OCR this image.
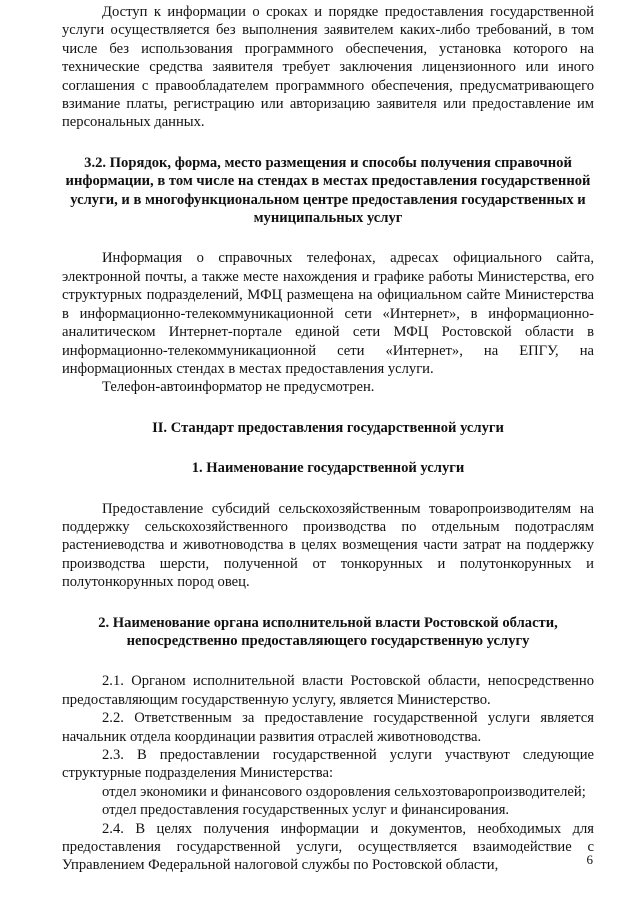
Доступ к информации о сроках и порядке предоставления государственной услуги осуществляется без выполнения заявителем каких-либо требований, в том числе без использования программного обеспечения, установка которого на технические средства заявителя требует заключения лицензионного или иного соглашения с правообладателем программного обеспечения, предусматривающего взимание платы, регистрацию или авторизацию заявителя или предоставление им персональных данных.

3.2. Порядок, форма, место размещения и способы получения справочной информации, в том числе на стендах в местах предоставления государственной услуги, и в многофункциональном центре предоставления государственных и муниципальных услуг

Информация о справочных телефонах, адресах официального сайта, электронной почты, а также месте нахождения и графике работы Министерства, его структурных подразделений, МФЦ размещена на официальном сайте Министерства в информационно-телекоммуникационной сети «Интернет», в информационно-аналитическом Интернет-портале единой сети МФЦ Ростовской области в информационно-телекоммуникационной сети «Интернет», на ЕПГУ, на информационных стендах в местах предоставления услуги.

Телефон-автоинформатор не предусмотрен.

II. Стандарт предоставления государственной услуги

1. Наименование государственной услуги

Предоставление субсидий сельскохозяйственным товаропроизводителям на поддержку сельскохозяйственного производства по отдельным подотраслям растениеводства и животноводства в целях возмещения части затрат на поддержку производства шерсти, полученной от тонкорунных и полутонкорунных и полутонкорунных пород овец.

2. Наименование органа исполнительной власти Ростовской области, непосредственно предоставляющего государственную услугу

2.1. Органом исполнительной власти Ростовской области, непосредственно предоставляющим государственную услугу, является Министерство.

2.2. Ответственным за предоставление государственной услуги является начальник отдела координации развития отраслей животноводства.

2.3. В предоставлении государственной услуги участвуют следующие структурные подразделения Министерства:

отдел экономики и финансового оздоровления сельхозтоваропроизводителей;

отдел предоставления государственных услуг и финансирования.

2.4. В целях получения информации и документов, необходимых для предоставления государственной услуги, осуществляется взаимодействие с Управлением Федеральной налоговой службы по Ростовской области,	6
